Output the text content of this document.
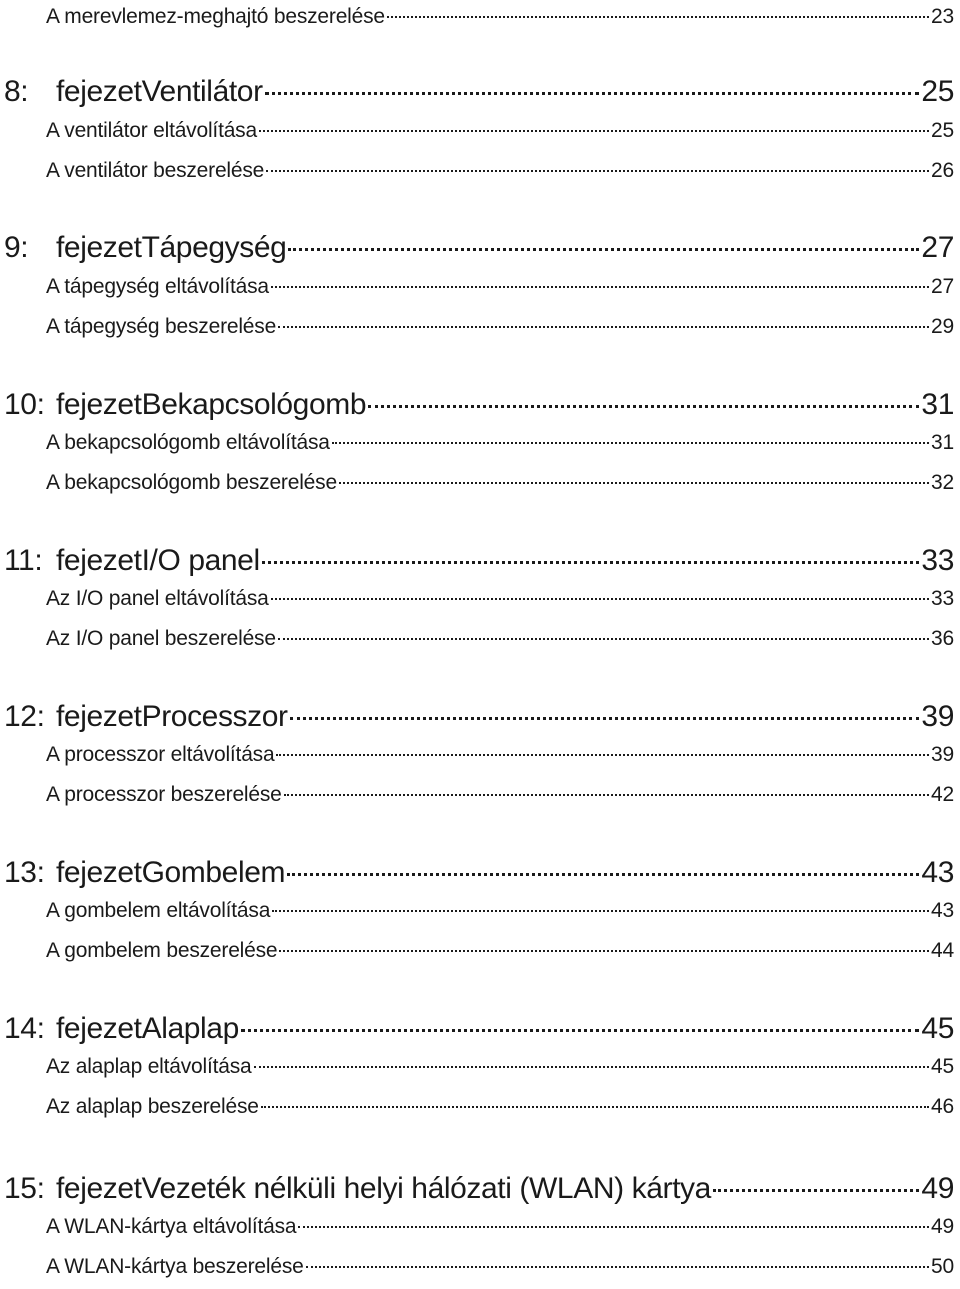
A merevlemez-meghajtó beszerelése	23
8: fejezetVentilátor	25
A ventilátor eltávolítása	25
A ventilátor beszerelése	26
9: fejezetTápegység	27
A tápegység eltávolítása	27
A tápegység beszerelése	29
10: fejezetBekapcsológomb	31
A bekapcsológomb eltávolítása	31
A bekapcsológomb beszerelése	32
11: fejezetI/O panel	33
Az I/O panel eltávolítása	33
Az I/O panel beszerelése	36
12: fejezetProcesszor	39
A processzor eltávolítása	39
A processzor beszerelése	42
13: fejezetGombelem	43
A gombelem eltávolítása	43
A gombelem beszerelése	44
14: fejezetAlaplap	45
Az alaplap eltávolítása	45
Az alaplap beszerelése	46
15: fejezetVezeték nélküli helyi hálózati (WLAN) kártya	49
A WLAN-kártya eltávolítása	49
A WLAN-kártya beszerelése	50
